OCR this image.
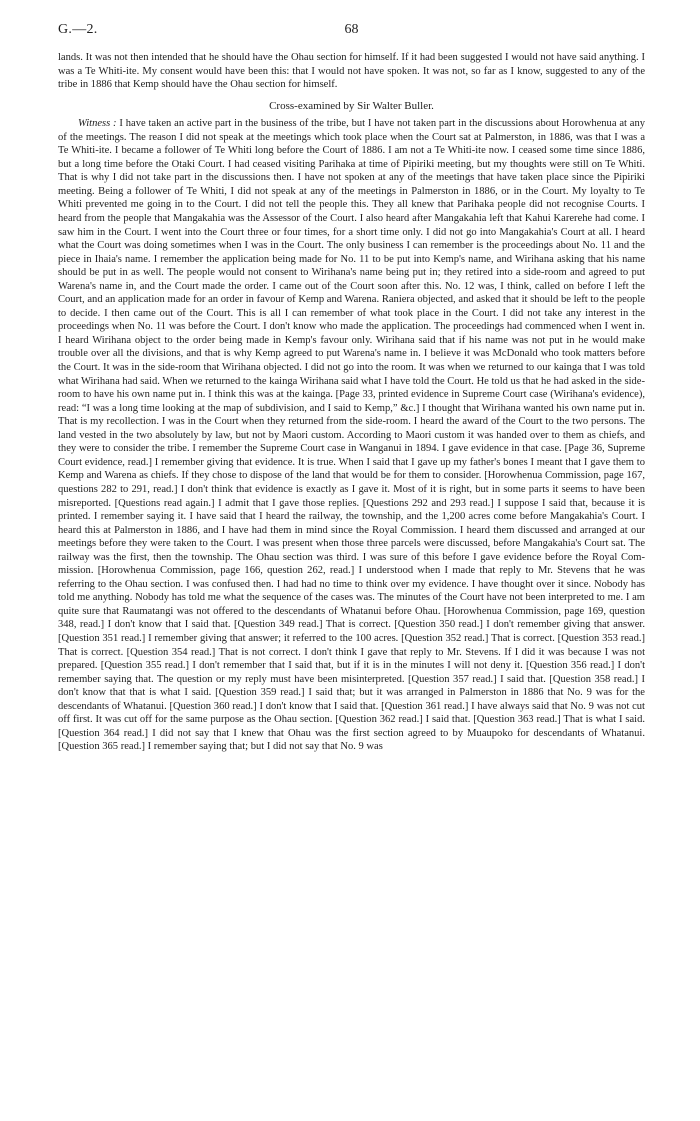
G.—2.	68

lands. It was not then intended that he should have the Ohau section for himself. If it had been suggested I would not have said anything. I was a Te Whiti-ite. My consent would have been this: that I would not have spoken. It was not, so far as I know, suggested to any of the tribe in 1886 that Kemp should have the Ohau section for himself.

Cross-examined by Sir Walter Buller.

Witness : I have taken an active part in the business of the tribe, but I have not taken part in the discussions about Horowhenua at any of the meetings. The reason I did not speak at the meetings which took place when the Court sat at Palmerston, in 1886, was that I was a Te Whiti-ite. I became a follower of Te Whiti long before the Court of 1886. I am not a Te Whiti-ite now. I ceased some time since 1886, but a long time before the Otaki Court. I had ceased visiting Parihaka at time of Pipiriki meeting, but my thoughts were still on Te Whiti. That is why I did not take part in the discussions then. I have not spoken at any of the meetings that have taken place since the Pipiriki meeting. Being a follower of Te Whiti, I did not speak at any of the meetings in Palmerston in 1886, or in the Court. My loyalty to Te Whiti prevented me going in to the Court. I did not tell the people this. They all knew that Parihaka people did not recognise Courts. I heard from the people that Mangakahia was the Assessor of the Court. I also heard after Mangakahia left that Kahui Karerehe had come. I saw him in the Court. I went into the Court three or four times, for a short time only. I did not go into Mangakahia's Court at all. I heard what the Court was doing sometimes when I was in the Court. The only business I can remember is the proceedings about No. 11 and the piece in Ihaia's name. I remember the application being made for No. 11 to be put into Kemp's name, and Wirihana asking that his name should be put in as well. The people would not consent to Wirihana's name being put in; they retired into a side-room and agreed to put Warena's name in, and the Court made the order. I came out of the Court soon after this. No. 12 was, I think, called on before I left the Court, and an application made for an order in favour of Kemp and Warena. Raniera objected, and asked that it should be left to the people to decide. I then came out of the Court. This is all I can remember of what took place in the Court. I did not take any interest in the proceedings when No. 11 was before the Court. I don't know who made the application. The proceedings had commenced when I went in. I heard Wirihana object to the order being made in Kemp's favour only. Wirihana said that if his name was not put in he would make trouble over all the divisions, and that is why Kemp agreed to put Warena's name in. I believe it was McDonald who took matters before the Court. It was in the side-room that Wirihana objected. I did not go into the room. It was when we returned to our kainga that I was told what Wirihana had said. When we returned to the kainga Wirihana said what I have told the Court. He told us that he had asked in the side-room to have his own name put in. I think this was at the kainga. [Page 33, printed evidence in Supreme Court case (Wirihana's evidence), read: “I was a long time looking at the map of subdivision, and I said to Kemp,” &c.] I thought that Wirihana wanted his own name put in. That is my recollection. I was in the Court when they returned from the side-room. I heard the award of the Court to the two persons. The land vested in the two absolutely by law, but not by Maori custom. According to Maori custom it was handed over to them as chiefs, and they were to consider the tribe. I remember the Supreme Court case in Wanganui in 1894. I gave evidence in that case. [Page 36, Supreme Court evidence, read.] I remember giving that evidence. It is true. When I said that I gave up my father's bones I meant that I gave them to Kemp and Warena as chiefs. If they chose to dispose of the land that would be for them to consider. [Horowhenua Commission, page 167, questions 282 to 291, read.] I don't think that evidence is exactly as I gave it. Most of it is right, but in some parts it seems to have been misreported. [Questions read again.] I admit that I gave those replies. [Questions 292 and 293 read.] I suppose I said that, because it is printed. I remember saying it. I have said that I heard the railway, the township, and the 1,200 acres come before Mangakahia's Court. I heard this at Palmerston in 1886, and I have had them in mind since the Royal Commission. I heard them discussed and arranged at our meetings before they were taken to the Court. I was present when those three parcels were discussed, before Mangakahia's Court sat. The railway was the first, then the township. The Ohau section was third. I was sure of this before I gave evidence before the Royal Commission. [Horowhenua Commission, page 166, question 262, read.] I understood when I made that reply to Mr. Stevens that he was referring to the Ohau section. I was confused then. I had had no time to think over my evidence. I have thought over it since. Nobody has told me anything. Nobody has told me what the sequence of the cases was. The minutes of the Court have not been interpreted to me. I am quite sure that Raumatangi was not offered to the descendants of Whatanui before Ohau. [Horowhenua Commission, page 169, question 348, read.] I don't know that I said that. [Question 349 read.] That is correct. [Question 350 read.] I don't remember giving that answer. [Question 351 read.] I remember giving that answer; it referred to the 100 acres. [Question 352 read.] That is correct. [Question 353 read.] That is correct. [Question 354 read.] That is not correct. I don't think I gave that reply to Mr. Stevens. If I did it was because I was not prepared. [Question 355 read.] I don't remember that I said that, but if it is in the minutes I will not deny it. [Question 356 read.] I don't remember saying that. The question or my reply must have been misinterpreted. [Question 357 read.] I said that. [Question 358 read.] I don't know that that is what I said. [Question 359 read.] I said that; but it was arranged in Palmerston in 1886 that No. 9 was for the descendants of Whatanui. [Question 360 read.] I don't know that I said that. [Question 361 read.] I have always said that No. 9 was not cut off first. It was cut off for the same purpose as the Ohau section. [Question 362 read.] I said that. [Question 363 read.] That is what I said. [Question 364 read.] I did not say that I knew that Ohau was the first section agreed to by Muaupoko for descendants of Whatanui. [Question 365 read.] I remember saying that; but I did not say that No. 9 was
